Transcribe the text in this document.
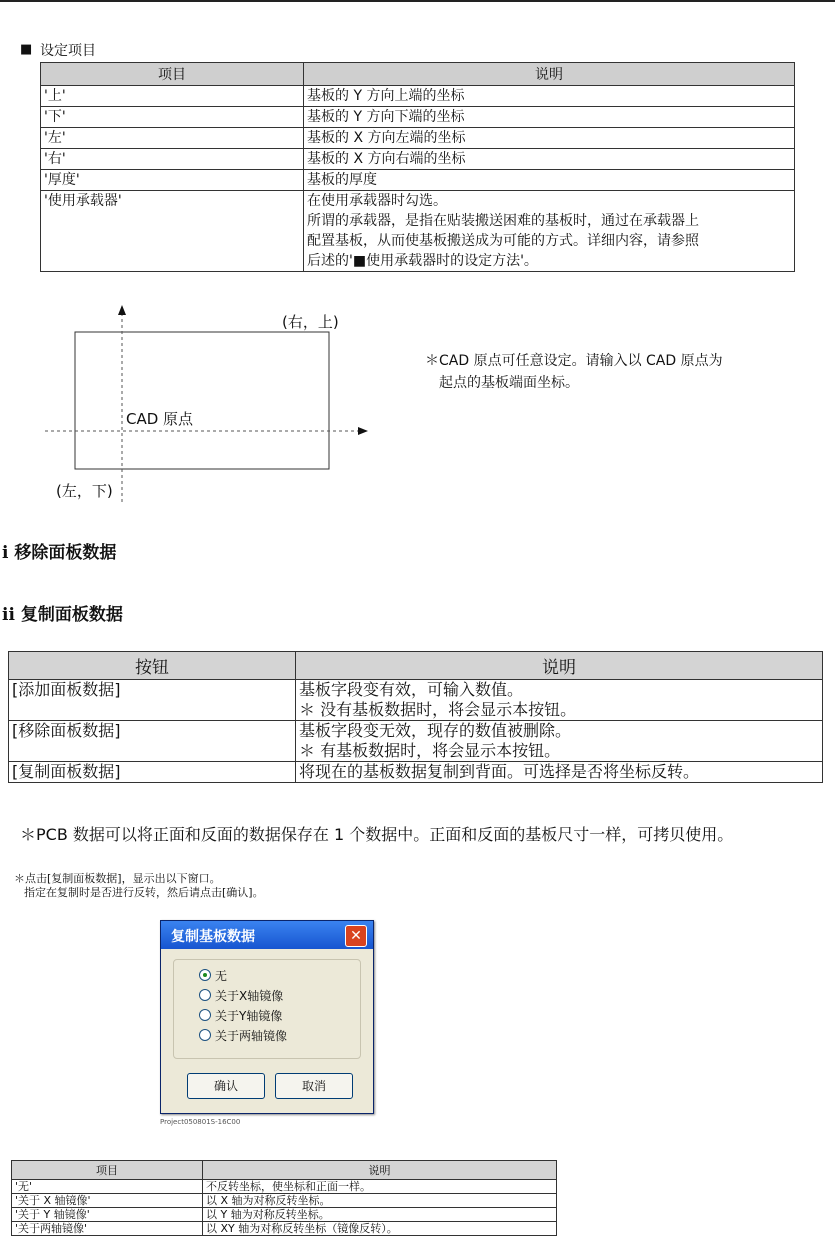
■ 设定项目
项目	说明
'上'	基板的 Y 方向上端的坐标
'下'	基板的 Y 方向下端的坐标
'左'	基板的 X 方向左端的坐标
'右'	基板的 X 方向右端的坐标
'厚度'	基板的厚度
'使用承载器'	在使用承载器时勾选。
所谓的承载器，是指在贴装搬送困难的基板时，通过在承载器上
配置基板，从而使基板搬送成为可能的方式。详细内容，请参照
后述的'■使用承载器时的设定方法'。
(右，上)
CAD 原点
(左，下)
＊CAD 原点可任意设定。请输入以 CAD 原点为
起点的基板端面坐标。
i 移除面板数据
ii 复制面板数据
按钮	说明
[添加面板数据]	基板字段变有效，可输入数值。
＊ 没有基板数据时，将会显示本按钮。

[移除面板数据]	基板字段变无效，现存的数值被删除。
＊ 有基板数据时，将会显示本按钮。

[复制面板数据]	将现在的基板数据复制到背面。可选择是否将坐标反转。
＊PCB 数据可以将正面和反面的数据保存在 1 个数据中。正面和反面的基板尺寸一样，可拷贝使用。
＊点击[复制面板数据]，显示出以下窗口。
指定在复制时是否进行反转，然后请点击[确认]。
复制基板数据	✕
无
关于X轴镜像
关于Y轴镜像
关于两轴镜像
确认	取消
Project050801S-16C00
项目	说明
'无'	不反转坐标，使坐标和正面一样。
'关于 X 轴镜像'	以 X 轴为对称反转坐标。
'关于 Y 轴镜像'	以 Y 轴为对称反转坐标。
'关于两轴镜像'	以 XY 轴为对称反转坐标（镜像反转）。
